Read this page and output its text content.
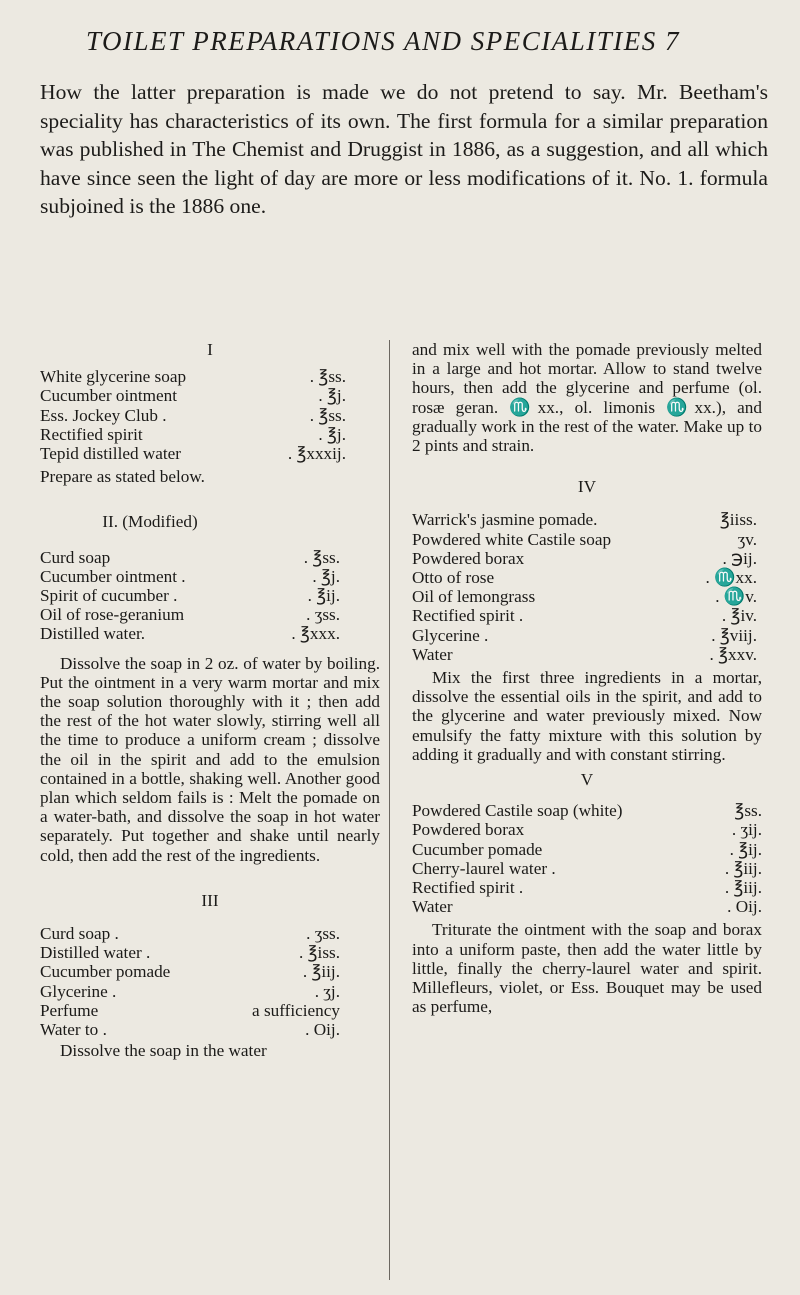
TOILET PREPARATIONS AND SPECIALITIES 7

How the latter preparation is made we do not pretend to say. Mr. Beetham's speciality has characteristics of its own. The first formula for a similar preparation was published in The Chemist and Druggist in 1886, as a suggestion, and all which have since seen the light of day are more or less modifications of it. No. 1. formula subjoined is the 1886 one.

I

White glycerine soap	. ℥ss.
Cucumber ointment	. ℥j.
Ess. Jockey Club .	. ℥ss.
Rectified spirit	. ℥j.
Tepid distilled water	. ℥xxxij.

Prepare as stated below.

II. (Modified)

Curd soap	. ℥ss.
Cucumber ointment .	. ℥j.
Spirit of cucumber .	. ℥ij.
Oil of rose-geranium	. ʒss.
Distilled water.	. ℥xxx.

Dissolve the soap in 2 oz. of water by boiling. Put the ointment in a very warm mortar and mix the soap solution thoroughly with it ; then add the rest of the hot water slowly, stirring well all the time to produce a uniform cream ; dissolve the oil in the spirit and add to the emulsion contained in a bottle, shaking well. Another good plan which seldom fails is : Melt the pomade on a water-bath, and dissolve the soap in hot water separately. Put together and shake until nearly cold, then add the rest of the ingredients.

III

Curd soap .	. ʒss.
Distilled water .	. ℥iss.
Cucumber pomade	. ℥iij.
Glycerine .	. ʒj.
Perfume	a sufficiency
Water to .	. Oij.

Dissolve the soap in the water

and mix well with the pomade previously melted in a large and hot mortar. Allow to stand twelve hours, then add the glycerine and perfume (ol. rosæ geran. ♏xx., ol. limonis ♏xx.), and gradually work in the rest of the water. Make up to 2 pints and strain.

IV

Warrick's jasmine pomade.	℥iiss.
Powdered white Castile soap	ʒv.
Powdered borax	. ℈ij.
Otto of rose	. ♏xx.
Oil of lemongrass	. ♏v.
Rectified spirit .	. ℥iv.
Glycerine .	. ℥viij.
Water	. ℥xxv.

Mix the first three ingredients in a mortar, dissolve the essential oils in the spirit, and add to the glycerine and water previously mixed. Now emulsify the fatty mixture with this solution by adding it gradually and with constant stirring.

V

Powdered Castile soap (white)	℥ss.
Powdered borax	. ʒij.
Cucumber pomade	. ℥ij.
Cherry-laurel water .	. ℥iij.
Rectified spirit .	. ℥iij.
Water	. Oij.

Triturate the ointment with the soap and borax into a uniform paste, then add the water little by little, finally the cherry-laurel water and spirit. Millefleurs, violet, or Ess. Bouquet may be used as perfume,
